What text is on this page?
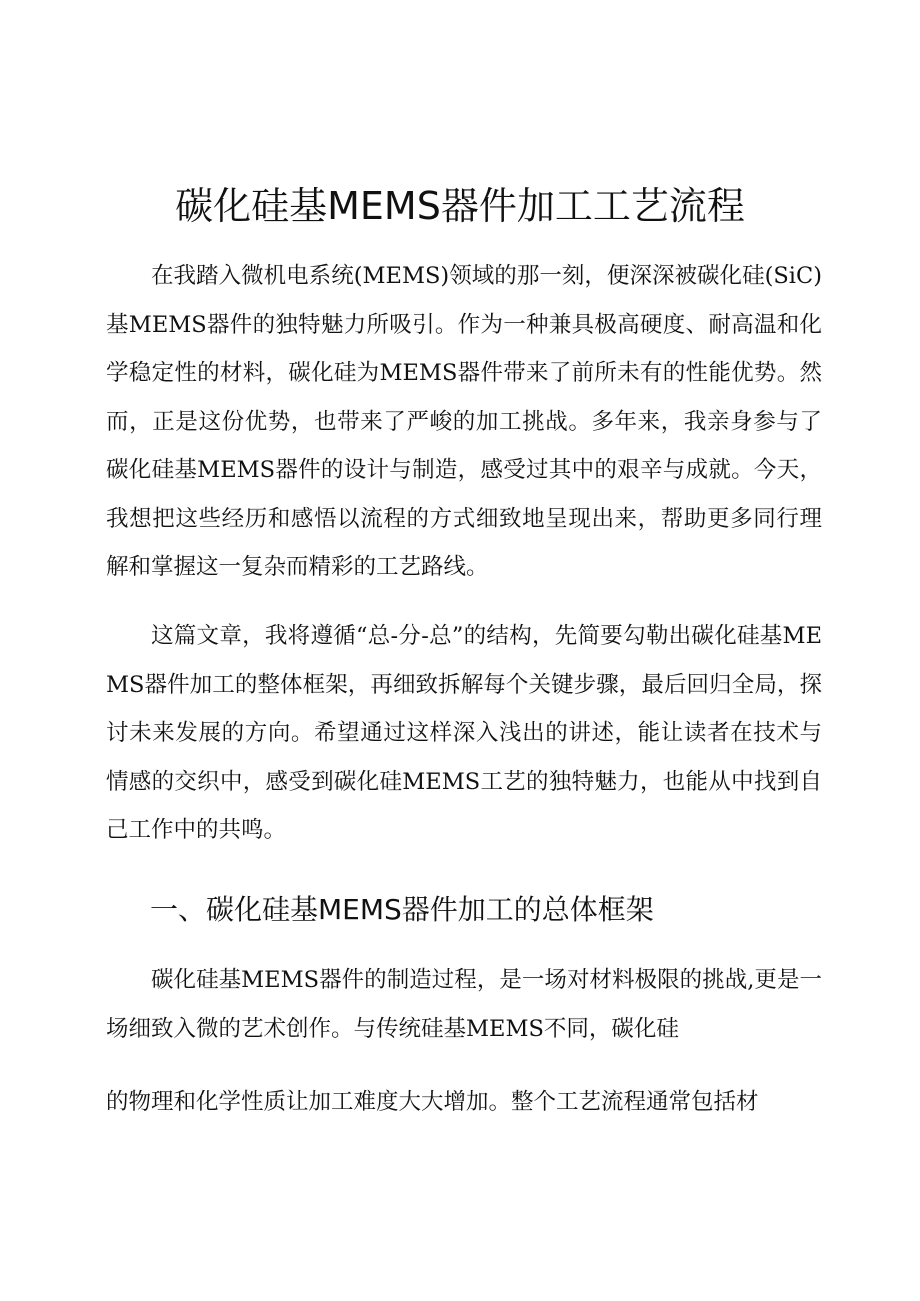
碳化硅基MEMS器件加工工艺流程

在我踏入微机电系统(MEMS)领域的那一刻，便深深被碳化硅(SiC)基MEMS器件的独特魅力所吸引。作为一种兼具极高硬度、耐高温和化学稳定性的材料，碳化硅为MEMS器件带来了前所未有的性能优势。然而，正是这份优势，也带来了严峻的加工挑战。多年来，我亲身参与了碳化硅基MEMS器件的设计与制造，感受过其中的艰辛与成就。今天，我想把这些经历和感悟以流程的方式细致地呈现出来，帮助更多同行理解和掌握这一复杂而精彩的工艺路线。

这篇文章，我将遵循“总-分-总”的结构，先简要勾勒出碳化硅基MEMS器件加工的整体框架，再细致拆解每个关键步骤，最后回归全局，探讨未来发展的方向。希望通过这样深入浅出的讲述，能让读者在技术与情感的交织中，感受到碳化硅MEMS工艺的独特魅力，也能从中找到自己工作中的共鸣。

一、碳化硅基MEMS器件加工的总体框架

碳化硅基MEMS器件的制造过程，是一场对材料极限的挑战,更是一场细致入微的艺术创作。与传统硅基MEMS不同，碳化硅

的物理和化学性质让加工难度大大增加。整个工艺流程通常包括材
